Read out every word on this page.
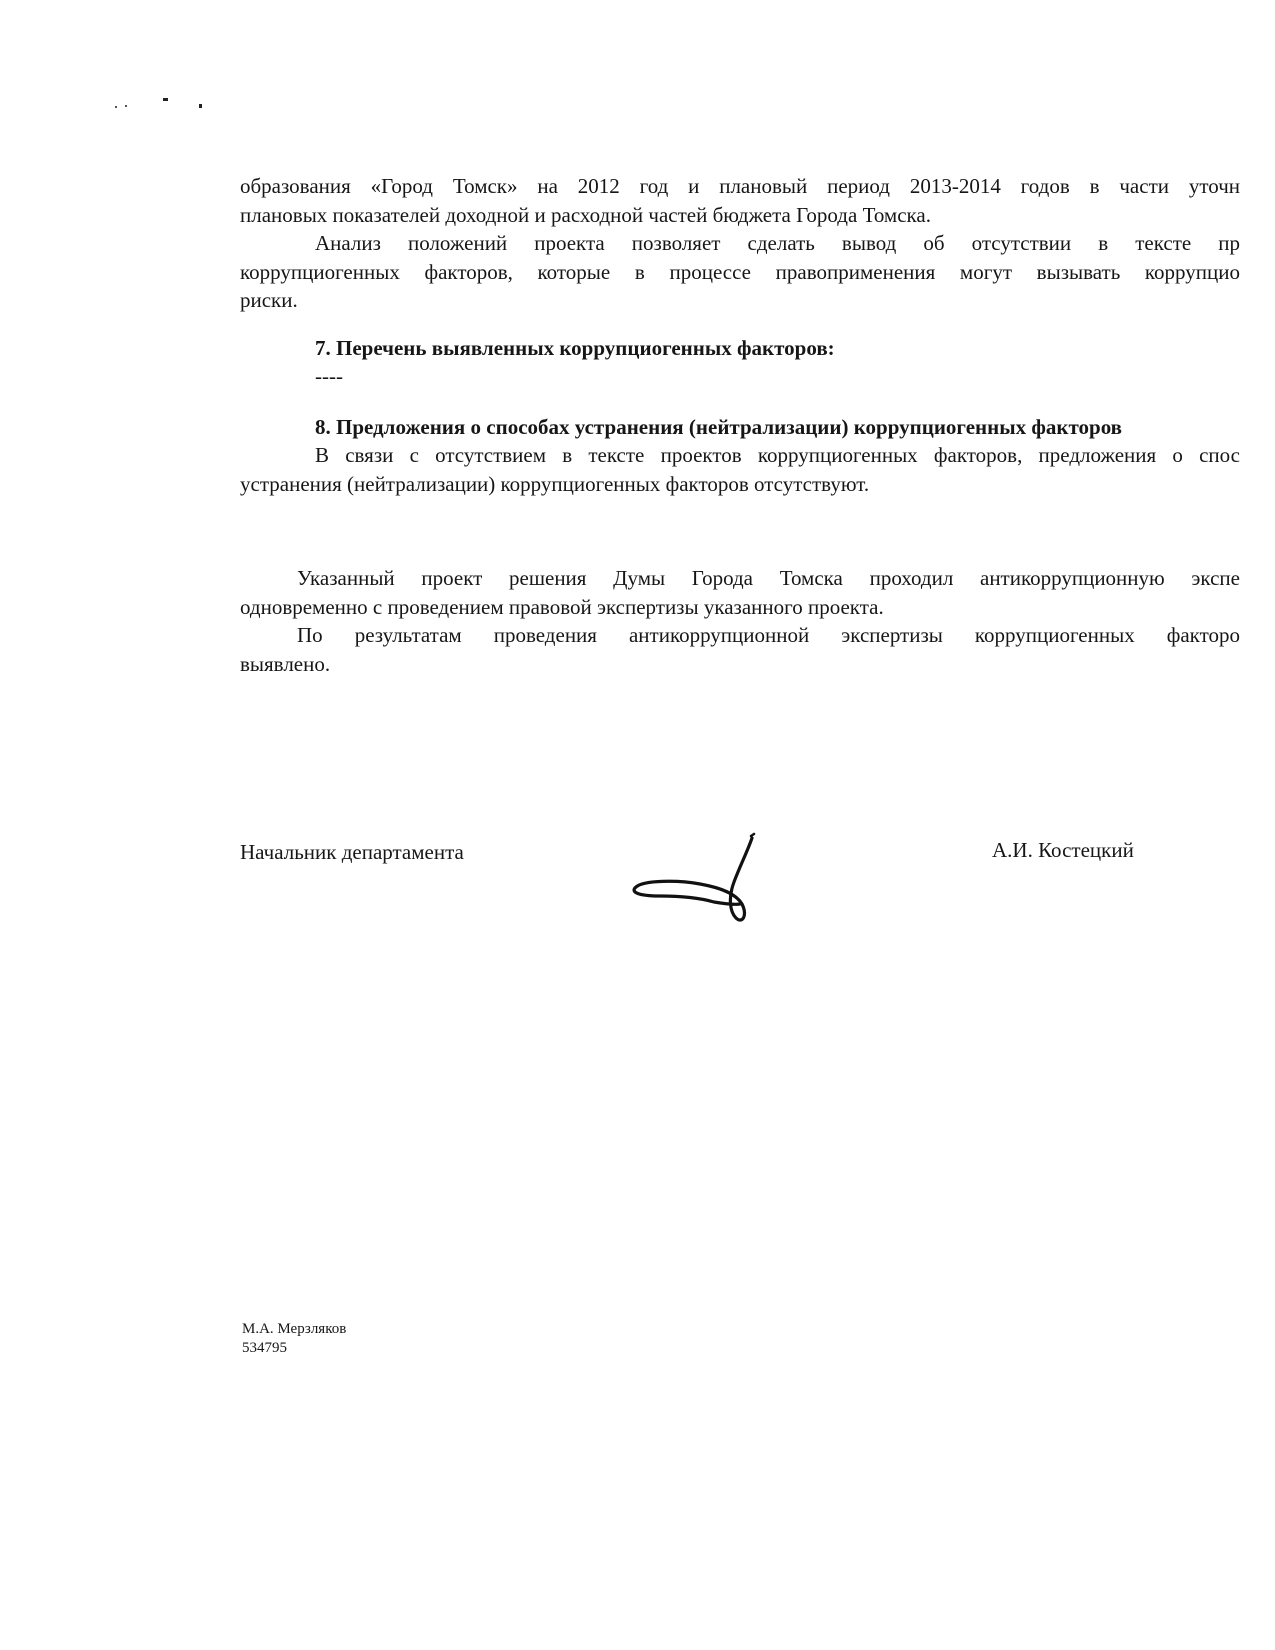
образования «Город Томск» на 2012 год и плановый период 2013-2014 годов в части уточн
плановых показателей доходной и расходной частей бюджета Города Томска.
Анализ положений проекта позволяет сделать вывод об отсутствии в тексте пр
коррупциогенных факторов, которые в процессе правоприменения могут вызывать коррупцио
риски.
7. Перечень выявленных коррупциогенных факторов:
----
8. Предложения о способах устранения (нейтрализации) коррупциогенных факторов
В связи с отсутствием в тексте проектов коррупциогенных факторов, предложения о спос
устранения (нейтрализации) коррупциогенных факторов отсутствуют.
Указанный проект решения Думы Города Томска проходил антикоррупционную экспе
одновременно с проведением правовой экспертизы указанного проекта.
По результатам проведения антикоррупционной экспертизы коррупциогенных факторо
выявлено.
Начальник департамента	А.И. Костецкий
М.А. Мерзляков
534795
